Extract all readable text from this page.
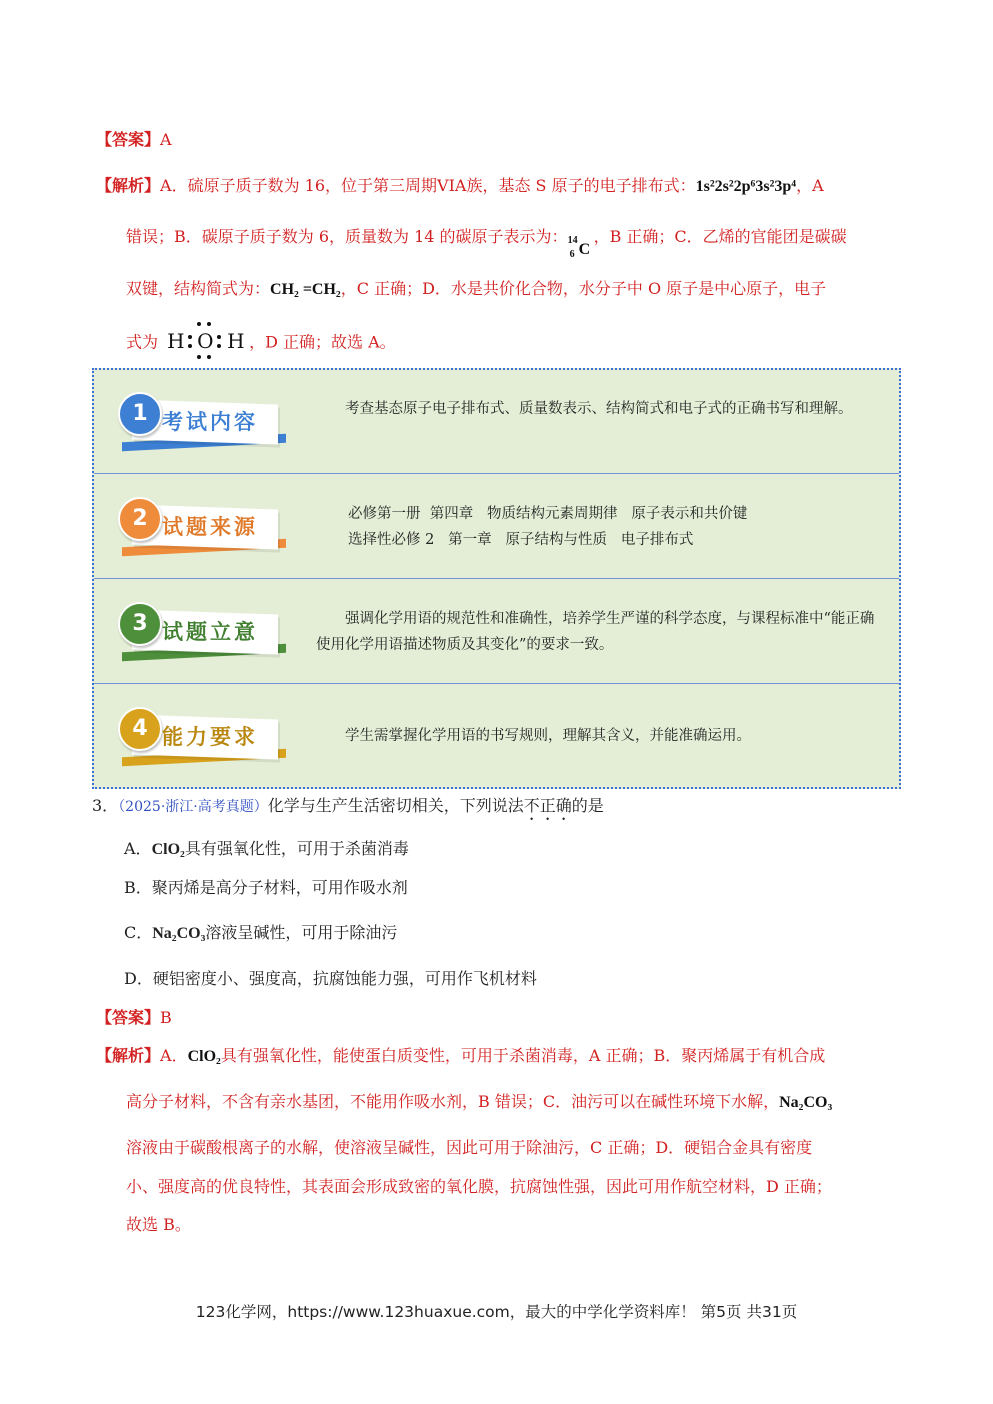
【答案】A
【解析】A．硫原子质子数为 16，位于第三周期VIA族，基态 S 原子的电子排布式：1s²2s²2p⁶3s²3p⁴，A
错误；B．碳原子质子数为 6，质量数为 14 的碳原子表示为： 14
6 C
，B 正确；C．乙烯的官能团是碳碳
双键，结构简式为：CH₂ =CH₂，C 正确；D．水是共价化合物，水分子中 O 原子是中心原子，电子
式为 H O H ，D 正确；故选 A。
1 考试内容	考查基态原子电子排布式、质量数表示、结构简式和电子式的正确书写和理解。
2 试题来源	必修第一册  第四章   物质结构元素周期律   原子表示和共价键
选择性必修 2   第一章   原子结构与性质   电子排布式
3 试题立意	强调化学用语的规范性和准确性，培养学生严谨的科学态度，与课程标准中“能正确使用化学用语描述物质及其变化”的要求一致。
4 能力要求	学生需掌握化学用语的书写规则，理解其含义，并能准确运用。
3．（2025·浙江·高考真题）化学与生产生活密切相关，下列说法不正确的是
A．ClO₂具有强氧化性，可用于杀菌消毒
B．聚丙烯是高分子材料，可用作吸水剂
C．Na₂CO₃溶液呈碱性，可用于除油污
D．硬铝密度小、强度高，抗腐蚀能力强，可用作飞机材料
【答案】B
【解析】A．ClO₂具有强氧化性，能使蛋白质变性，可用于杀菌消毒，A 正确；B．聚丙烯属于有机合成
高分子材料，不含有亲水基团，不能用作吸水剂，B 错误；C．油污可以在碱性环境下水解，Na₂CO₃
溶液由于碳酸根离子的水解，使溶液呈碱性，因此可用于除油污，C 正确；D．硬铝合金具有密度
小、强度高的优良特性，其表面会形成致密的氧化膜，抗腐蚀性强，因此可用作航空材料，D 正确；
故选 B。
123化学网，https://www.123huaxue.com，最大的中学化学资料库！ 第5页 共31页
